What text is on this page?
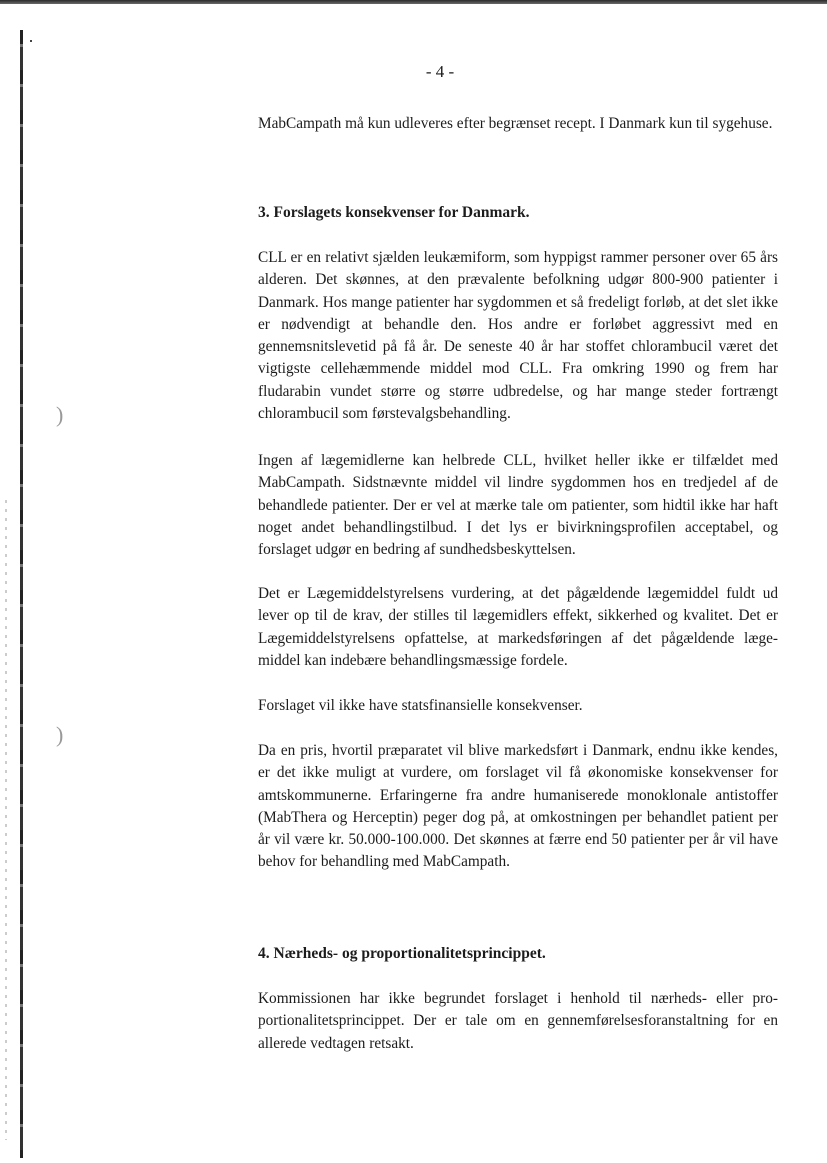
)
)
- 4 -

MabCampath må kun udleveres efter begrænset recept. I Danmark kun til sygehuse.

3. Forslagets konsekvenser for Danmark.

CLL er en relativt sjælden leukæmiform, som hyppigst rammer personer over 65 års alderen. Det skønnes, at den prævalente befolkning udgør 800-900 patienter i Danmark. Hos mange patienter har sygdommen et så fredeligt forløb, at det slet ikke er nødvendigt at behandle den. Hos andre er forløbet aggressivt med en gennemsnitslevetid på få år. De seneste 40 år har stoffet chlorambucil været det vigtigste cellehæmmende middel mod CLL. Fra omkring 1990 og frem har fludarabin vundet større og større udbredelse, og har mange steder fortrængt chlorambucil som førstevalgsbehandling.

Ingen af lægemidlerne kan helbrede CLL, hvilket heller ikke er tilfældet med MabCampath. Sidstnævnte middel vil lindre sygdommen hos en tredjedel af de behandlede patienter. Der er vel at mærke tale om patienter, som hidtil ikke har haft noget andet behandlingstilbud. I det lys er bivirkningsprofilen acceptabel, og forslaget udgør en bedring af sundhedsbeskyttelsen.

Det er Lægemiddelstyrelsens vurdering, at det pågældende lægemiddel fuldt ud lever op til de krav, der stilles til lægemidlers effekt, sikkerhed og kvalitet. Det er Lægemiddelstyrelsens opfattelse, at markedsføringen af det pågældende læge-middel kan indebære behandlingsmæssige fordele.

Forslaget vil ikke have statsfinansielle konsekvenser.

Da en pris, hvortil præparatet vil blive markedsført i Danmark, endnu ikke kendes, er det ikke muligt at vurdere, om forslaget vil få økonomiske konsekvenser for amtskommunerne. Erfaringerne fra andre humaniserede monoklonale antistoffer (MabThera og Herceptin) peger dog på, at omkostningen per behandlet patient per år vil være kr. 50.000-100.000. Det skønnes at færre end 50 patienter per år vil have behov for behandling med MabCampath.

4. Nærheds- og proportionalitetsprincippet.

Kommissionen har ikke begrundet forslaget i henhold til nærheds- eller proportionalitetsprincippet. Der er tale om en gennemførelsesforanstaltning for en allerede vedtagen retsakt.
